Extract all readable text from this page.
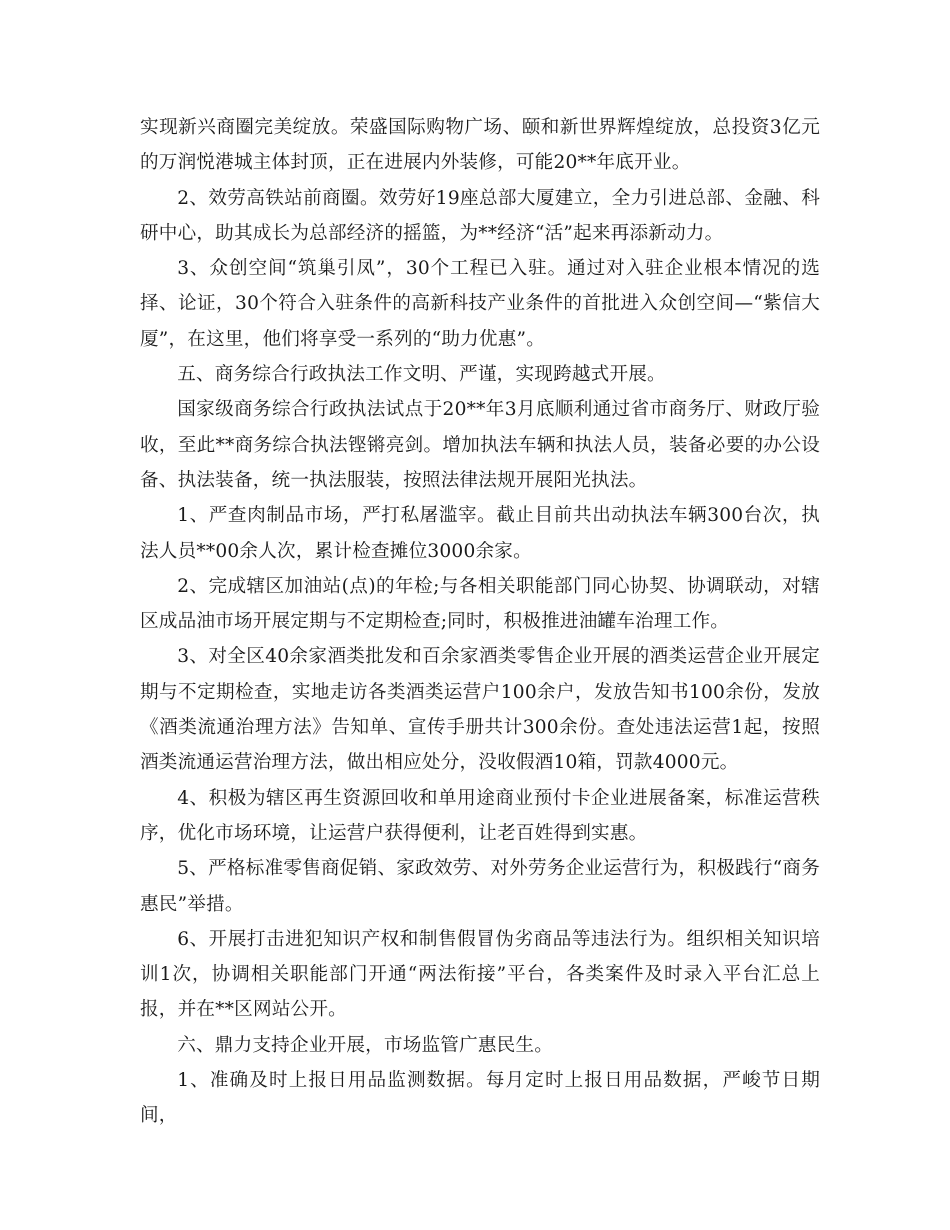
实现新兴商圈完美绽放。荣盛国际购物广场、颐和新世界辉煌绽放，总投资3亿元的万润悦港城主体封顶，正在进展内外装修，可能20**年底开业。

2、效劳高铁站前商圈。效劳好19座总部大厦建立，全力引进总部、金融、科研中心，助其成长为总部经济的摇篮，为**经济“活”起来再添新动力。

3、众创空间“筑巢引凤”，30个工程已入驻。通过对入驻企业根本情况的选择、论证，30个符合入驻条件的高新科技产业条件的首批进入众创空间—“紫信大厦”，在这里，他们将享受一系列的“助力优惠”。

五、商务综合行政执法工作文明、严谨，实现跨越式开展。

国家级商务综合行政执法试点于20**年3月底顺利通过省市商务厅、财政厅验收，至此**商务综合执法铿锵亮剑。增加执法车辆和执法人员，装备必要的办公设备、执法装备，统一执法服装，按照法律法规开展阳光执法。

1、严查肉制品市场，严打私屠滥宰。截止目前共出动执法车辆300台次，执法人员**00余人次，累计检查摊位3000余家。

2、完成辖区加油站(点)的年检;与各相关职能部门同心协契、协调联动，对辖区成品油市场开展定期与不定期检查;同时，积极推进油罐车治理工作。

3、对全区40余家酒类批发和百余家酒类零售企业开展的酒类运营企业开展定期与不定期检查，实地走访各类酒类运营户100余户，发放告知书100余份，发放《酒类流通治理方法》告知单、宣传手册共计300余份。查处违法运营1起，按照酒类流通运营治理方法，做出相应处分，没收假酒10箱，罚款4000元。

4、积极为辖区再生资源回收和单用途商业预付卡企业进展备案，标准运营秩序，优化市场环境，让运营户获得便利，让老百姓得到实惠。

5、严格标准零售商促销、家政效劳、对外劳务企业运营行为，积极践行“商务惠民”举措。

6、开展打击进犯知识产权和制售假冒伪劣商品等违法行为。组织相关知识培训1次，协调相关职能部门开通“两法衔接”平台，各类案件及时录入平台汇总上报，并在**区网站公开。

六、鼎力支持企业开展，市场监管广惠民生。

1、准确及时上报日用品监测数据。每月定时上报日用品数据，严峻节日期间，
